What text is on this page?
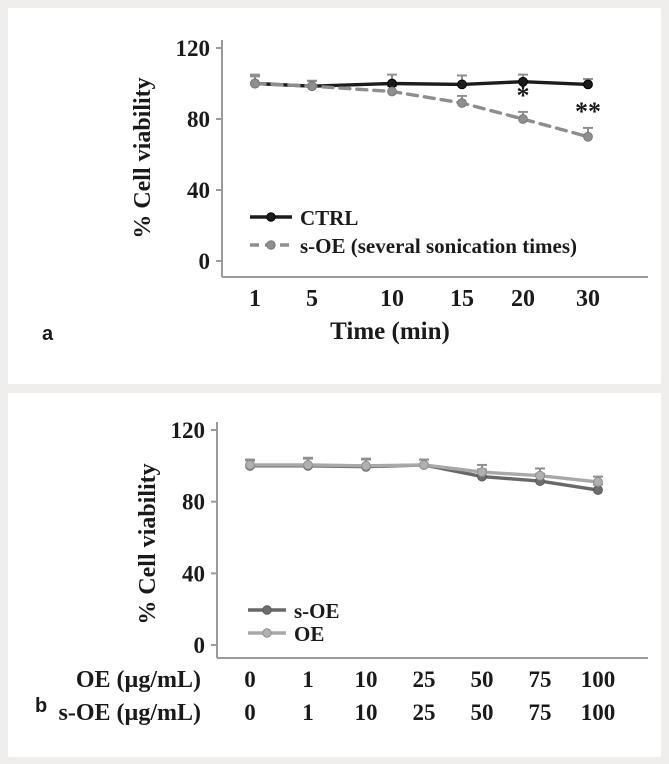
0
40
80
120
% Cell viability
1 5	10 15 20 30
Time (min)
CTRL
s-OE (several sonication times)
*
**
a
0
40
80
120
% Cell viability
OE (µg/mL) 0 1 10 25 50 75 100
s-OE (µg/mL) 0 1 10 25 50 75 100
s-OE
OE
b
